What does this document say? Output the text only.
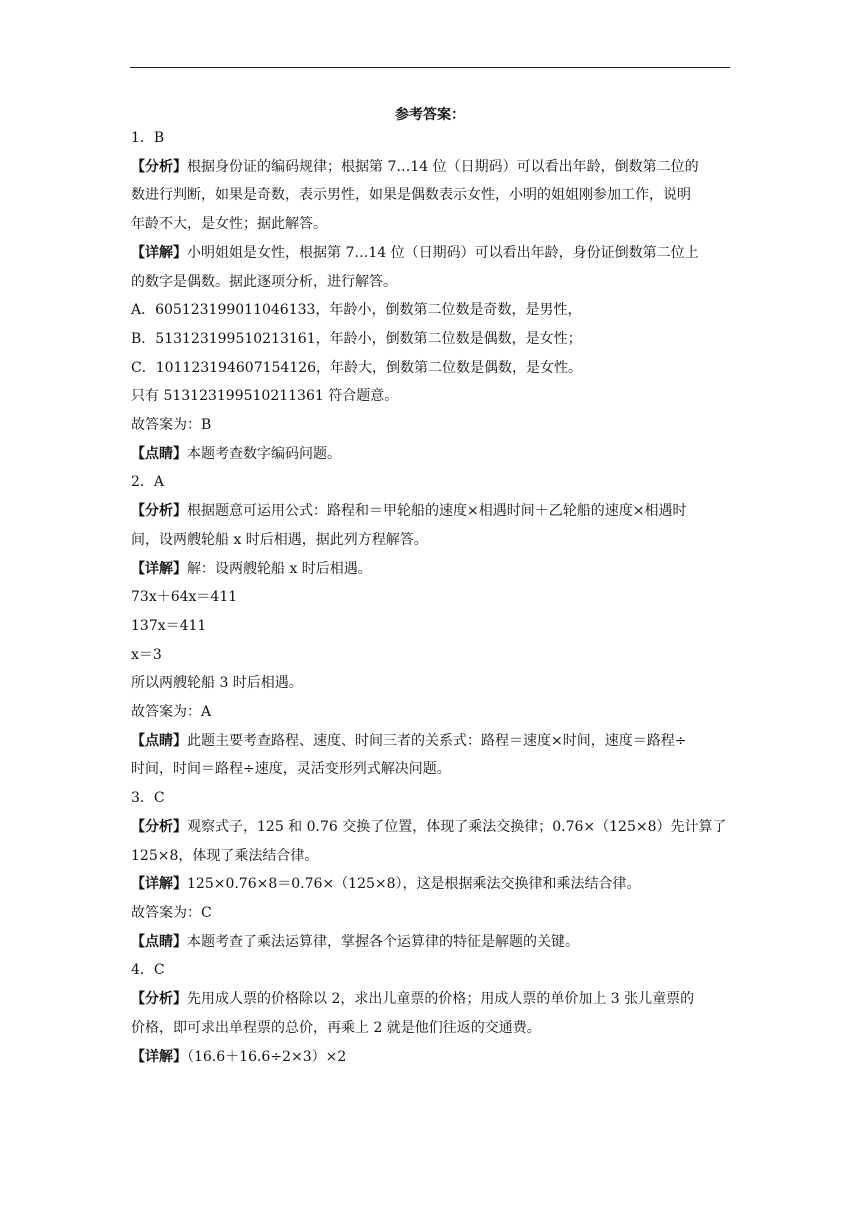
参考答案：

1．B

【分析】根据身份证的编码规律；根据第 7…14 位（日期码）可以看出年龄，倒数第二位的

数进行判断，如果是奇数，表示男性，如果是偶数表示女性，小明的姐姐刚参加工作，说明

年龄不大，是女性；据此解答。

【详解】小明姐姐是女性，根据第 7…14 位（日期码）可以看出年龄，身份证倒数第二位上

的数字是偶数。据此逐项分析，进行解答。

A．605123199011046133，年龄小，倒数第二位数是奇数，是男性，

B．513123199510213161，年龄小，倒数第二位数是偶数，是女性；

C．101123194607154126，年龄大，倒数第二位数是偶数，是女性。

只有 513123199510211361 符合题意。

故答案为：B

【点睛】本题考查数字编码问题。

2．A

【分析】根据题意可运用公式：路程和＝甲轮船的速度×相遇时间＋乙轮船的速度×相遇时

间，设两艘轮船 x 时后相遇，据此列方程解答。

【详解】解：设两艘轮船 x 时后相遇。

73x＋64x＝411

137x＝411

x＝3

所以两艘轮船 3 时后相遇。

故答案为：A

【点睛】此题主要考查路程、速度、时间三者的关系式：路程＝速度×时间，速度＝路程÷

时间，时间＝路程÷速度，灵活变形列式解决问题。

3．C

【分析】观察式子，125 和 0.76 交换了位置，体现了乘法交换律；0.76×（125×8）先计算了

125×8，体现了乘法结合律。

【详解】125×0.76×8＝0.76×（125×8），这是根据乘法交换律和乘法结合律。

故答案为：C

【点睛】本题考查了乘法运算律，掌握各个运算律的特征是解题的关键。

4．C

【分析】先用成人票的价格除以 2，求出儿童票的价格；用成人票的单价加上 3 张儿童票的

价格，即可求出单程票的总价，再乘上 2 就是他们往返的交通费。

【详解】（16.6＋16.6÷2×3）×2
